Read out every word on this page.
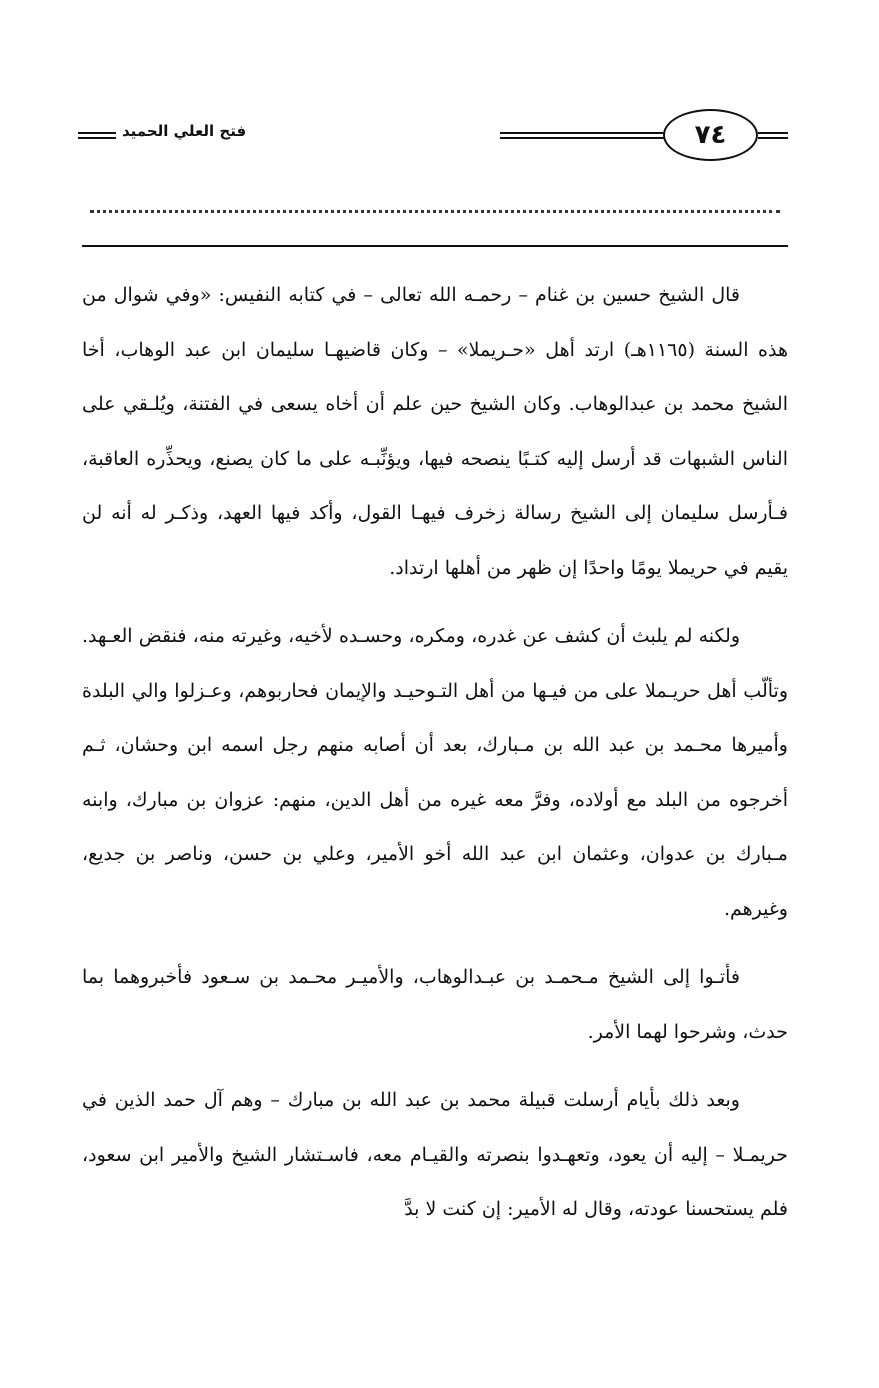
فتح العلي الحميد	٧٤

قال الشيخ حسين بن غنام – رحمـه الله تعالى – في كتابه النفيس: «وفي شوال من هذه السنة (١١٦٥هـ) ارتد أهل «حـريملا» – وكان قاضيهـا سليمان ابن عبد الوهاب، أخا الشيخ محمد بن عبدالوهاب. وكان الشيخ حين علم أن أخاه يسعى في الفتنة، ويُلـقي على الناس الشبهات قد أرسل إليه كتـبًا ينصحه فيها، ويؤنِّبـه على ما كان يصنع، ويحذِّره العاقبة، فـأرسل سليمان إلى الشيخ رسالة زخرف فيهـا القول، وأكد فيها العهد، وذكـر له أنه لن يقيم في حريملا يومًا واحدًا إن ظهر من أهلها ارتداد.

ولكنه لم يلبث أن كشف عن غدره، ومكره، وحسـده لأخيه، وغيرته منه، فنقض العـهد. وتألّب أهل حريـملا على من فيـها من أهل التـوحيـد والإيمان فحاربوهم، وعـزلوا والي البلدة وأميرها محـمد بن عبد الله بن مـبارك، بعد أن أصابه منهم رجل اسمه ابن وحشان، ثـم أخرجوه من البلد مع أولاده، وفرَّ معه غيره من أهل الدين، منهم: عزوان بن مبارك، وابنه مـبارك بن عدوان، وعثمان ابن عبد الله أخو الأمير، وعلي بن حسن، وناصر بن جديع، وغيرهم.

فأتـوا إلى الشيخ مـحمـد بن عبـدالوهاب، والأميـر محـمد بن سـعود فأخبروهما بما حدث، وشرحوا لهما الأمر.

وبعد ذلك بأيام أرسلت قبيلة محمد بن عبد الله بن مبارك – وهم آل حمد الذين في حريمـلا – إليه أن يعود، وتعهـدوا بنصرته والقيـام معه، فاسـتشار الشيخ والأمير ابن سعود، فلم يستحسنا عودته، وقال له الأمير: إن كنت لا بدَّ
